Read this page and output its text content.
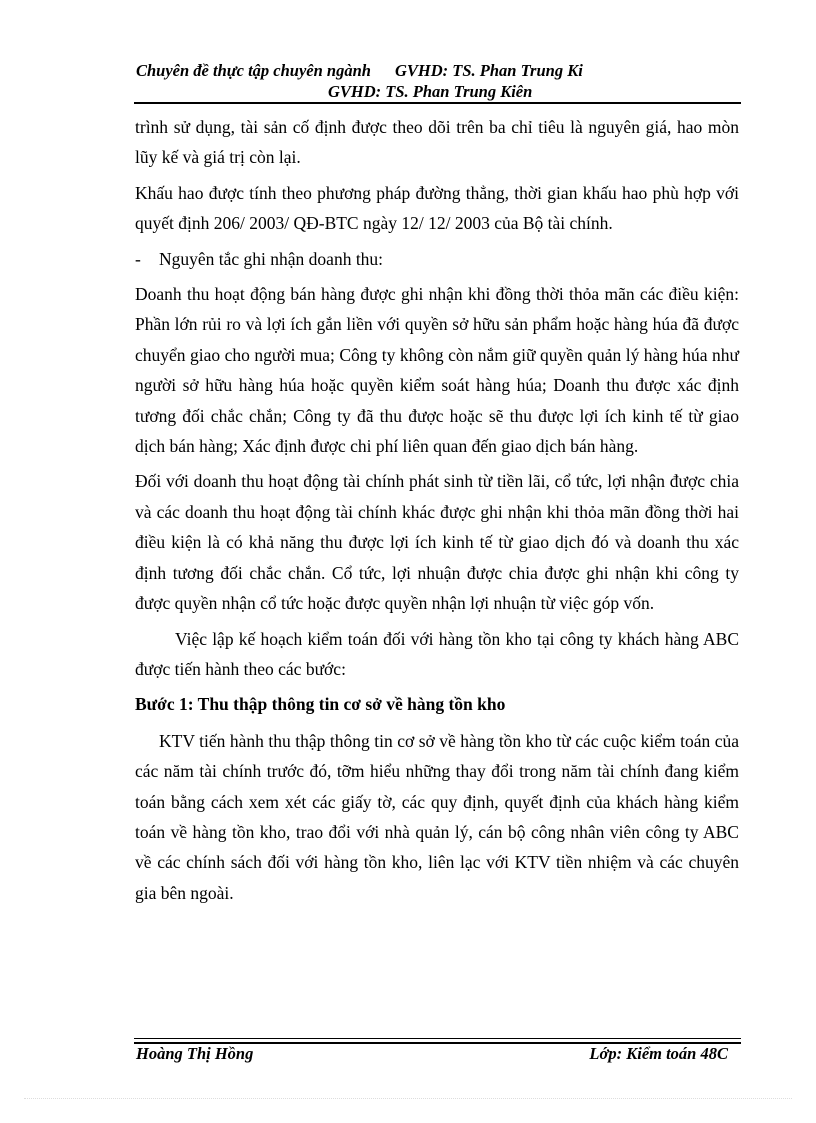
Chuyên đề thực tập chuyên ngành GVHD: TS. Phan Trung Ki
GVHD: TS. Phan Trung Kiên

trình sử dụng, tài sản cố định được theo dõi trên ba chỉ tiêu là nguyên giá, hao mòn lũy kế và giá trị còn lại.

Khấu hao được tính theo phương pháp đường thẳng, thời gian khấu hao phù hợp với quyết định 206/ 2003/ QĐ-BTC ngày 12/ 12/ 2003 của Bộ tài chính.

-	Nguyên tắc ghi nhận doanh thu:

Doanh thu hoạt động bán hàng được ghi nhận khi đồng thời thỏa mãn các điều kiện: Phần lớn rủi ro và lợi ích gắn liền với quyền sở hữu sản phẩm hoặc hàng húa đã được chuyển giao cho người mua; Công ty không còn nắm giữ quyền quản lý hàng húa như người sở hữu hàng húa hoặc quyền kiểm soát hàng húa; Doanh thu được xác định tương đối chắc chắn; Công ty đã thu được hoặc sẽ thu được lợi ích kinh tế từ giao dịch bán hàng; Xác định được chi phí liên quan đến giao dịch bán hàng.

Đối với doanh thu hoạt động tài chính phát sinh từ tiền lãi, cổ tức, lợi nhận được chia và các doanh thu hoạt động tài chính khác được ghi nhận khi thỏa mãn đồng thời hai điều kiện là có khả năng thu được lợi ích kinh tế từ giao dịch đó và doanh thu xác định tương đối chắc chắn. Cổ tức, lợi nhuận được chia được ghi nhận khi công ty được quyền nhận cổ tức hoặc được quyền nhận lợi nhuận từ việc góp vốn.

Việc lập kế hoạch kiểm toán đối với hàng tồn kho tại công ty khách hàng ABC được tiến hành theo các bước:

Bước 1: Thu thập thông tin cơ sở về hàng tồn kho

KTV tiến hành thu thập thông tin cơ sở về hàng tồn kho từ các cuộc kiểm toán của các năm tài chính trước đó, tỡm hiểu những thay đổi trong năm tài chính đang kiểm toán bằng cách xem xét các giấy tờ, các quy định, quyết định của khách hàng kiểm toán về hàng tồn kho, trao đổi với nhà quản lý, cán bộ công nhân viên công ty ABC về các chính sách đối với hàng tồn kho, liên lạc với KTV tiền nhiệm và các chuyên gia bên ngoài.

Hoàng Thị Hồng	Lớp: Kiểm toán 48C
